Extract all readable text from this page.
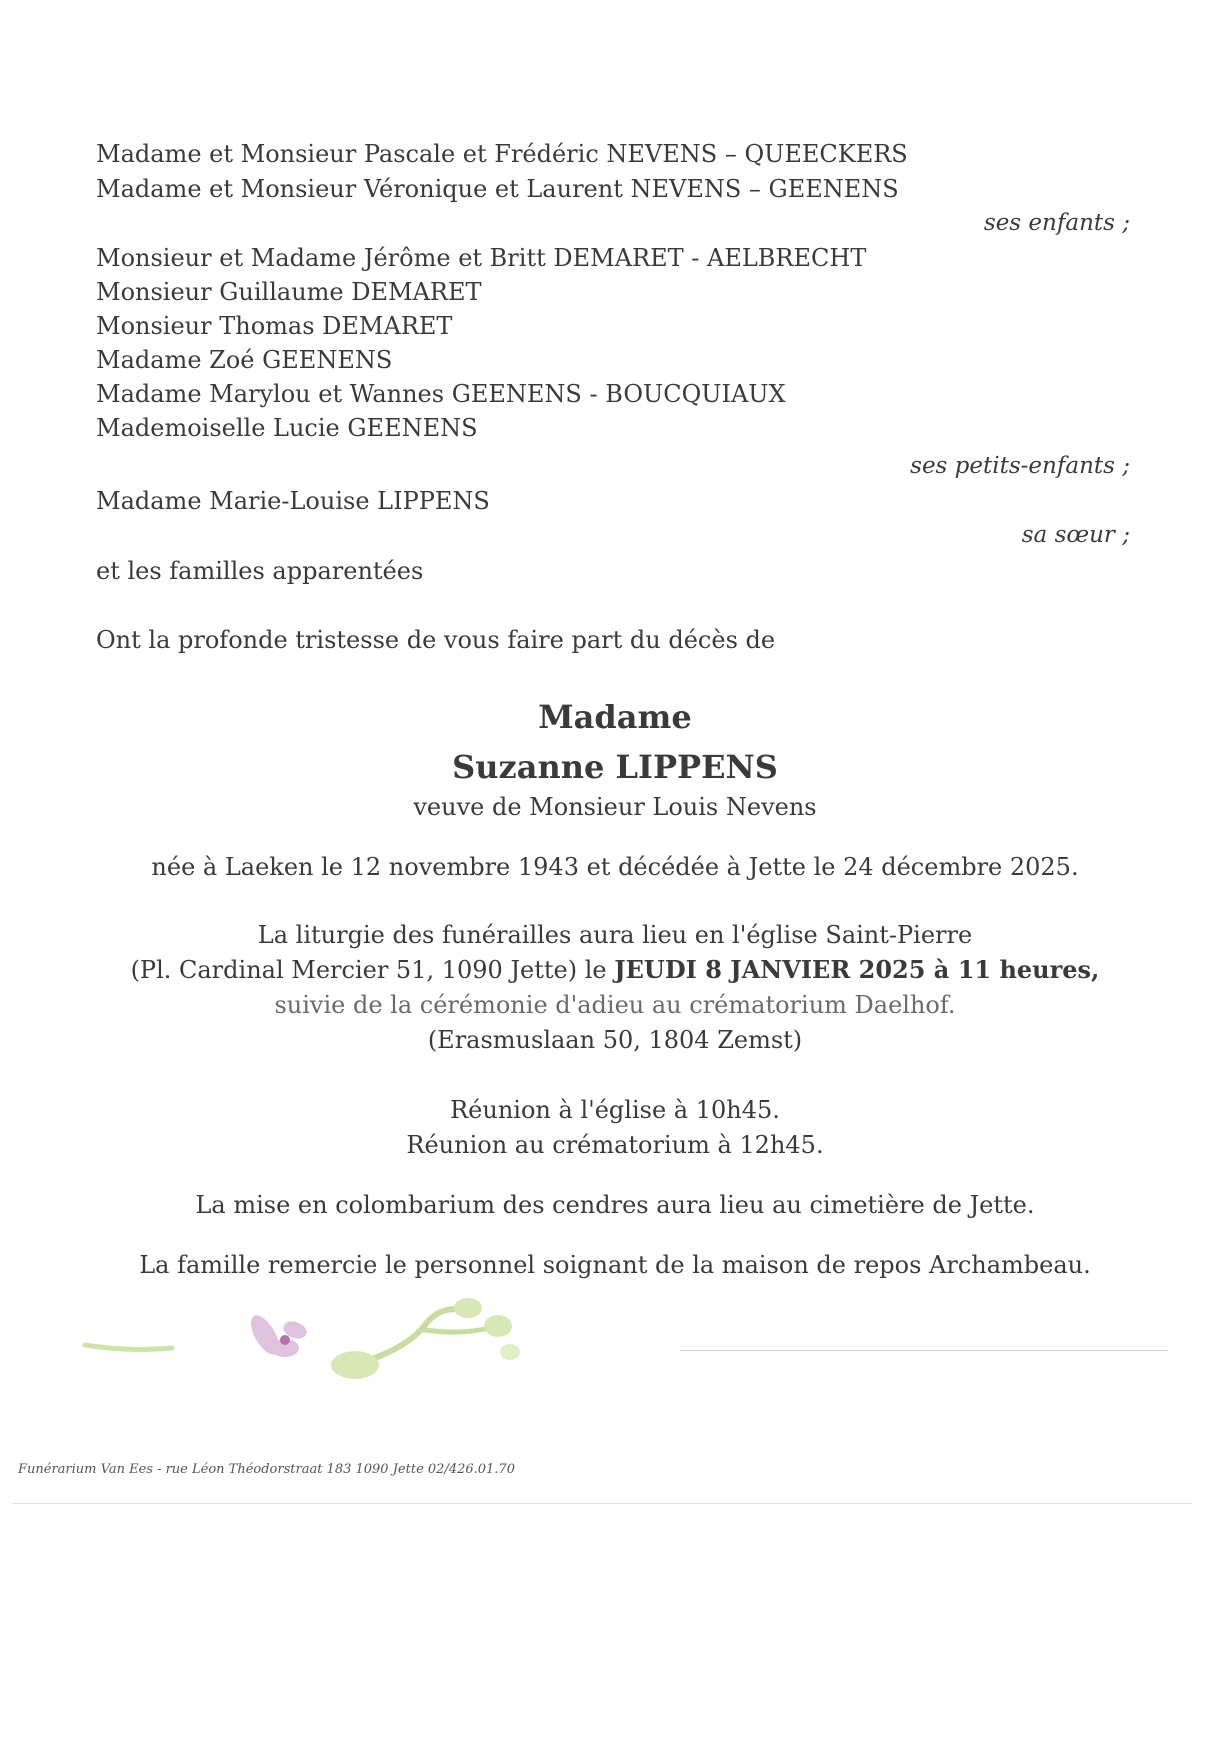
Madame et Monsieur Pascale et Frédéric NEVENS – QUEECKERS
Madame et Monsieur Véronique et Laurent NEVENS – GEENENS
ses enfants ;
Monsieur et Madame Jérôme et Britt DEMARET - AELBRECHT
Monsieur Guillaume DEMARET
Monsieur Thomas DEMARET
Madame Zoé GEENENS
Madame Marylou et Wannes GEENENS - BOUCQUIAUX
Mademoiselle Lucie GEENENS
ses petits-enfants ;
Madame Marie-Louise LIPPENS
sa sœur ;
et les familles apparentées
Ont la profonde tristesse de vous faire part du décès de
Madame
Suzanne LIPPENS
veuve de Monsieur Louis Nevens
née à Laeken le 12 novembre 1943 et décédée à Jette le 24 décembre 2025.
La liturgie des funérailles aura lieu en l'église Saint-Pierre
(Pl. Cardinal Mercier 51, 1090 Jette) le JEUDI 8 JANVIER 2025 à 11 heures,
suivie de la cérémonie d'adieu au crématorium Daelhof.
(Erasmuslaan 50, 1804 Zemst)
Réunion à l'église à 10h45.
Réunion au crématorium à 12h45.
La mise en colombarium des cendres aura lieu au cimetière de Jette.
La famille remercie le personnel soignant de la maison de repos Archambeau.
Funérarium Van Ees - rue Léon Théodorstraat 183 1090 Jette 02/426.01.70
